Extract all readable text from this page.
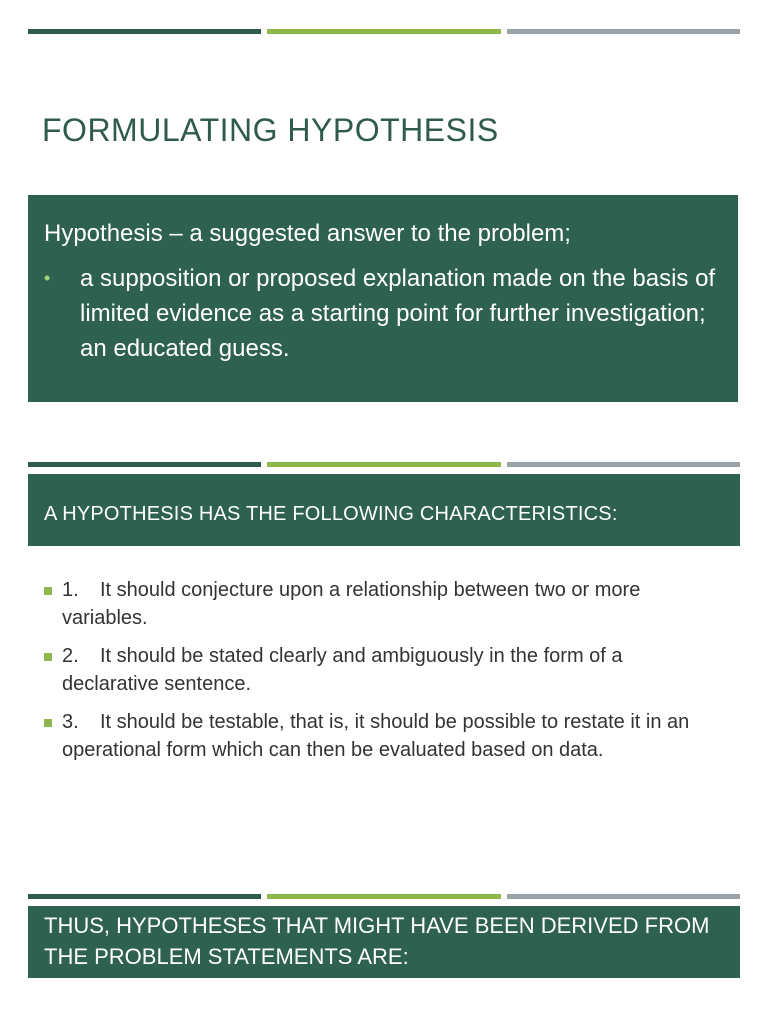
FORMULATING HYPOTHESIS

Hypothesis – a suggested answer to the problem;

•	a supposition or proposed explanation made on the basis of limited evidence as a starting point for further investigation; an educated guess.
A HYPOTHESIS HAS THE FOLLOWING CHARACTERISTICS:
1. It should conjecture upon a relationship between two or more variables.
2. It should be stated clearly and ambiguously in the form of a declarative sentence.
3. It should be testable, that is, it should be possible to restate it in an operational form which can then be evaluated based on data.
THUS, HYPOTHESES THAT MIGHT HAVE BEEN DERIVED FROM THE PROBLEM STATEMENTS ARE:
